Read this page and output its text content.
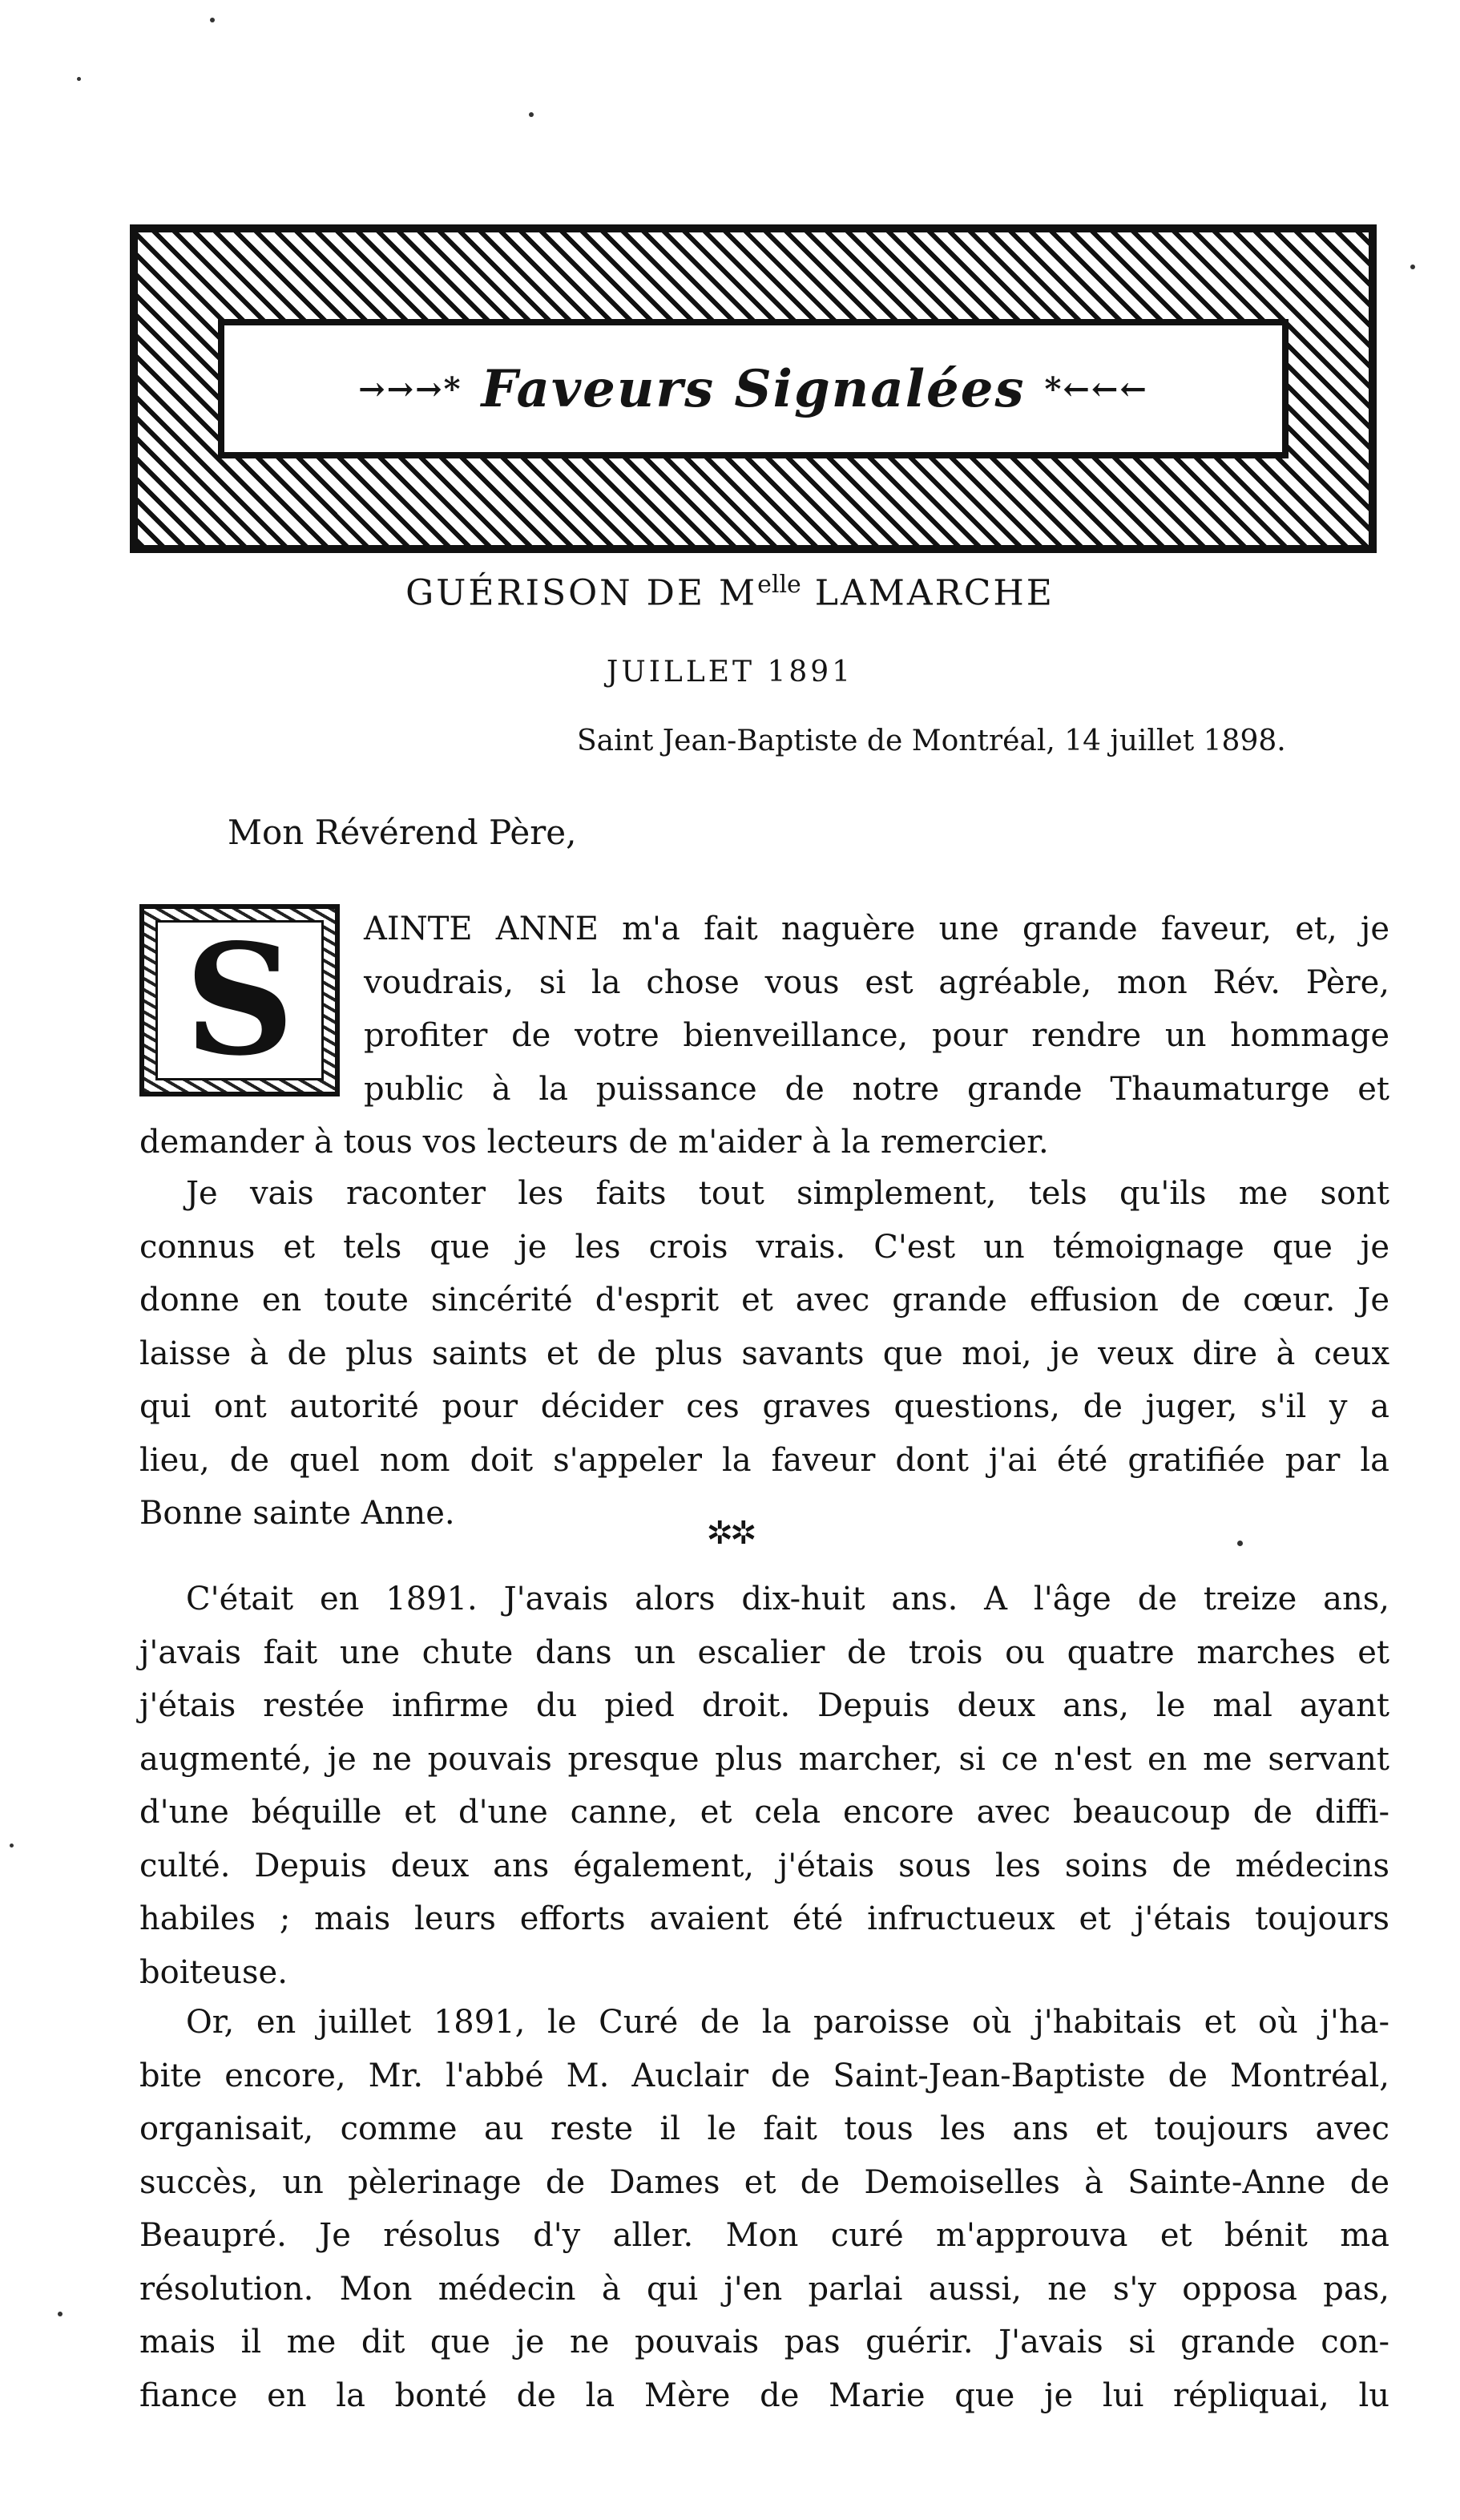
→→→* Faveurs Signalées *←←←
GUÉRISON DE $M^{elle}$ LAMARCHE
JUILLET 1891
Saint Jean-Baptiste de Montréal, 14 juillet 1898.
Mon Révérend Père,
S	AINTE ANNE m'a fait naguère une grande faveur, et, je
voudrais, si la chose vous est agréable, mon Rév. Père,
profiter de votre bienveillance, pour rendre un hommage
public à la puissance de notre grande Thaumaturge et
demander à tous vos lecteurs de m'aider à la remercier.
Je vais raconter les faits tout simplement, tels qu'ils me sont
connus et tels que je les crois vrais. C'est un témoignage que je
donne en toute sincérité d'esprit et avec grande effusion de cœur. Je
laisse à de plus saints et de plus savants que moi, je veux dire à ceux
qui ont autorité pour décider ces graves questions, de juger, s'il y a
lieu, de quel nom doit s'appeler la faveur dont j'ai été gratifiée par la
Bonne sainte Anne.
✲✲
C'était en 1891. J'avais alors dix-huit ans. A l'âge de treize ans,
j'avais fait une chute dans un escalier de trois ou quatre marches et
j'étais restée infirme du pied droit. Depuis deux ans, le mal ayant
augmenté, je ne pouvais presque plus marcher, si ce n'est en me servant
d'une béquille et d'une canne, et cela encore avec beaucoup de diffi-
culté. Depuis deux ans également, j'étais sous les soins de médecins
habiles ; mais leurs efforts avaient été infructueux et j'étais toujours
boiteuse.
Or, en juillet 1891, le Curé de la paroisse où j'habitais et où j'ha-
bite encore, Mr. l'abbé M. Auclair de Saint-Jean-Baptiste de Montréal,
organisait, comme au reste il le fait tous les ans et toujours avec
succès, un pèlerinage de Dames et de Demoiselles à Sainte-Anne de
Beaupré. Je résolus d'y aller. Mon curé m'approuva et bénit ma
résolution. Mon médecin à qui j'en parlai aussi, ne s'y opposa pas,
mais il me dit que je ne pouvais pas guérir. J'avais si grande con-
fiance en la bonté de la Mère de Marie que je lui répliquai, lu
